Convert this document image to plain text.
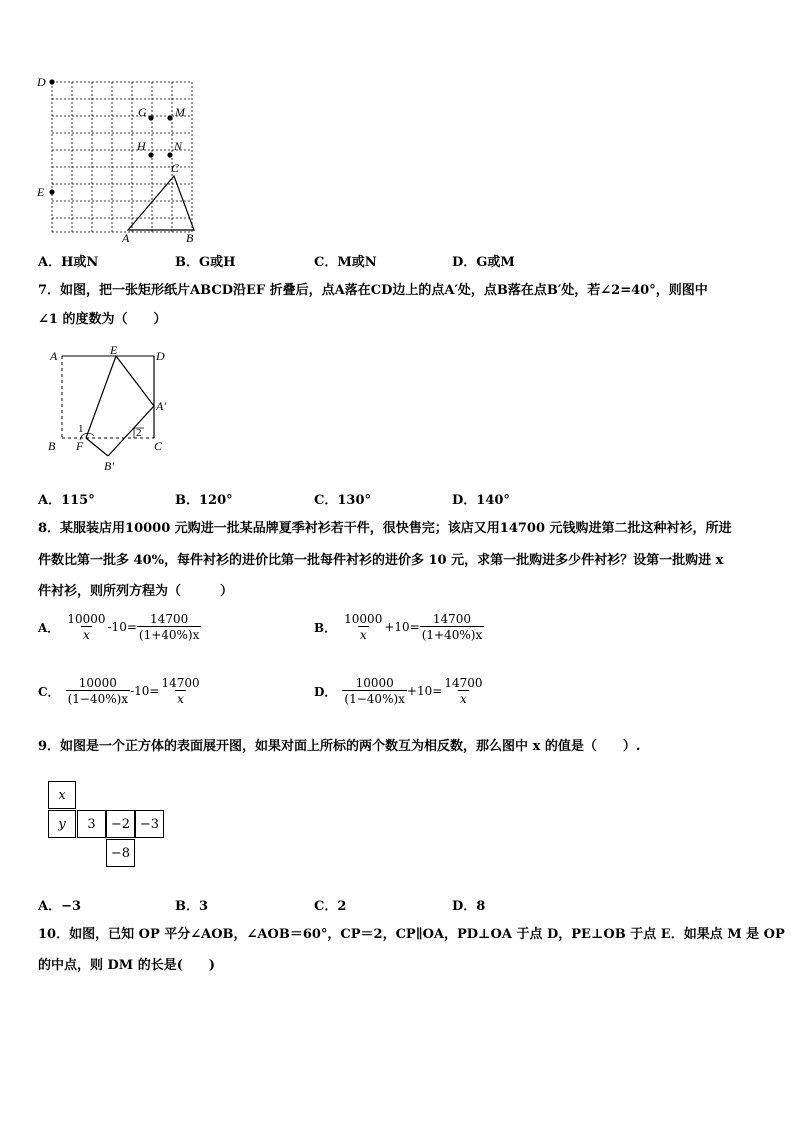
D
E
G M
H N
C
A	B
A．H或N	B．G或H	C．M或N	D．G或M
7．如图，把一张矩形纸片ABCD沿EF 折叠后，点A落在CD边上的点A′处，点B落在点B′处，若∠2=40°，则图中
∠1 的度数为（　　）
A	E	D
A'
B F	C
B'
1	2
A．115°	B．120°	C．130°	D．140°
8．某服装店用10000 元购进一批某品牌夏季衬衫若干件，很快售完；该店又用14700 元钱购进第二批这种衬衫，所进
件数比第一批多 40%，每件衬衫的进价比第一批每件衬衫的进价多 10 元，求第一批购进多少件衬衫？设第一批购进 x
件衬衫，则所列方程为（　　　）
A． $\frac{10000}{x} -10= \frac{14700}{(1+40\%)x}$	B． $\frac{10000}{x} +10= \frac{14700}{(1+40\%)x}$
C． $\frac{10000}{(1-40\%)x} -10= \frac{14700}{x}$	D． $\frac{10000}{(1-40\%)x} +10= \frac{14700}{x}$
9．如图是一个正方体的表面展开图，如果对面上所标的两个数互为相反数，那么图中 x 的值是（　　）.
x
y	3	−2 −3
−8
A．−3	B．3	C．2	D．8
10．如图，已知 OP 平分∠AOB，∠AOB＝60°，CP＝2，CP∥OA，PD⊥OA 于点 D，PE⊥OB 于点 E．如果点 M 是 OP
的中点，则 DM 的长是(　　)
